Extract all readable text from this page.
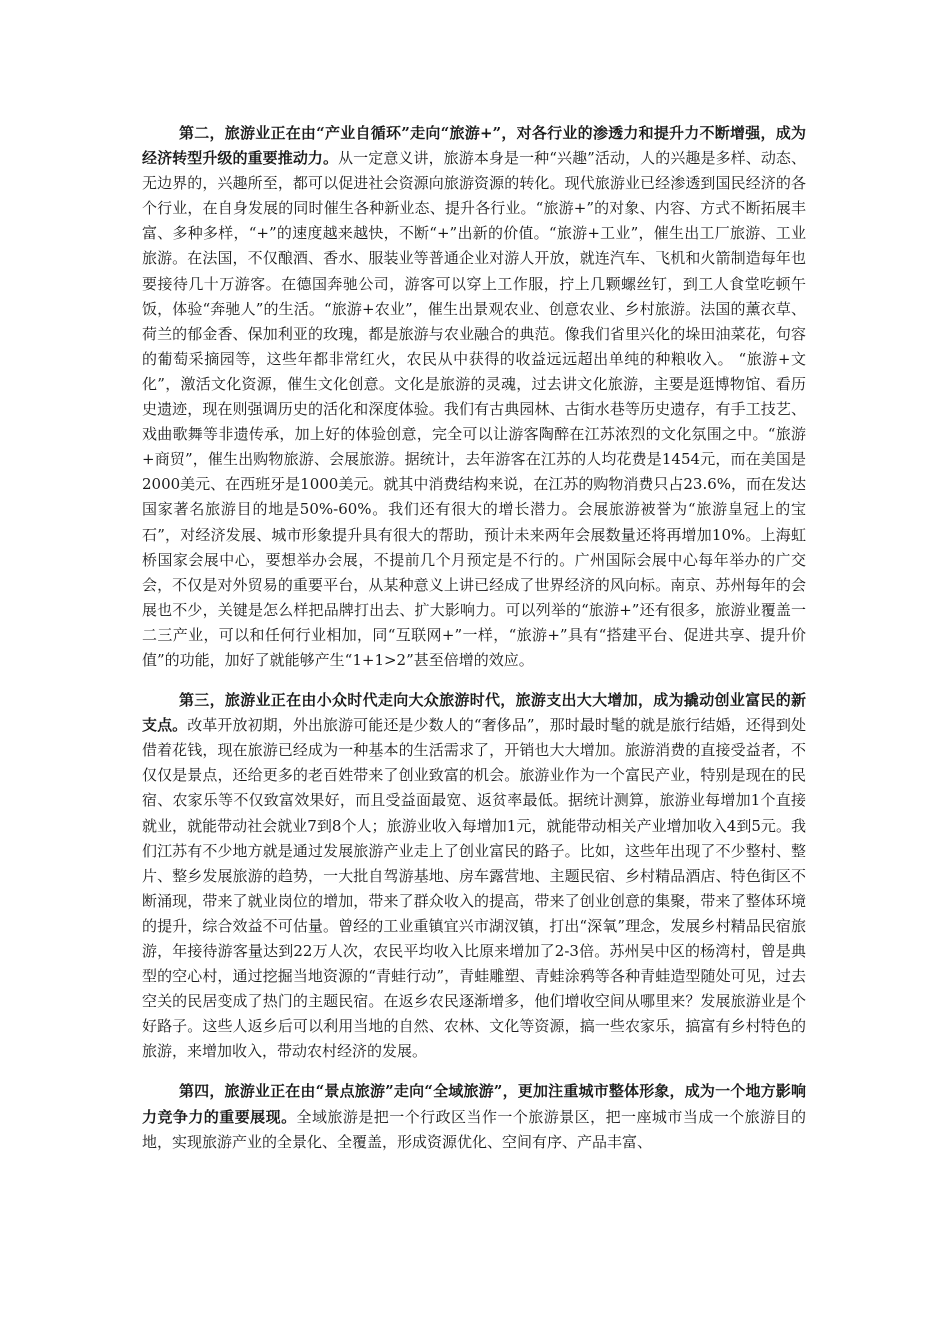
第二，旅游业正在由“产业自循环”走向“旅游+”，对各行业的渗透力和提升力不断增强，成为经济转型升级的重要推动力。从一定意义讲，旅游本身是一种“兴趣”活动，人的兴趣是多样、动态、无边界的，兴趣所至，都可以促进社会资源向旅游资源的转化。现代旅游业已经渗透到国民经济的各个行业，在自身发展的同时催生各种新业态、提升各行业。“旅游+”的对象、内容、方式不断拓展丰富、多种多样，“+”的速度越来越快，不断“+”出新的价值。“旅游+工业”，催生出工厂旅游、工业旅游。在法国，不仅酿酒、香水、服装业等普通企业对游人开放，就连汽车、飞机和火箭制造每年也要接待几十万游客。在德国奔驰公司，游客可以穿上工作服，拧上几颗螺丝钉，到工人食堂吃顿午饭，体验“奔驰人”的生活。“旅游+农业”，催生出景观农业、创意农业、乡村旅游。法国的薰衣草、荷兰的郁金香、保加利亚的玫瑰，都是旅游与农业融合的典范。像我们省里兴化的垛田油菜花，句容的葡萄采摘园等，这些年都非常红火，农民从中获得的收益远远超出单纯的种粮收入。 “旅游+文化”，激活文化资源，催生文化创意。文化是旅游的灵魂，过去讲文化旅游，主要是逛博物馆、看历史遗迹，现在则强调历史的活化和深度体验。我们有古典园林、古街水巷等历史遗存，有手工技艺、戏曲歌舞等非遗传承，加上好的体验创意，完全可以让游客陶醉在江苏浓烈的文化氛围之中。“旅游+商贸”，催生出购物旅游、会展旅游。据统计，去年游客在江苏的人均花费是1454元，而在美国是2000美元、在西班牙是1000美元。就其中消费结构来说，在江苏的购物消费只占23.6%，而在发达国家著名旅游目的地是50%-60%。我们还有很大的增长潜力。会展旅游被誉为“旅游皇冠上的宝石”，对经济发展、城市形象提升具有很大的帮助，预计未来两年会展数量还将再增加10%。上海虹桥国家会展中心，要想举办会展，不提前几个月预定是不行的。广州国际会展中心每年举办的广交会，不仅是对外贸易的重要平台，从某种意义上讲已经成了世界经济的风向标。南京、苏州每年的会展也不少，关键是怎么样把品牌打出去、扩大影响力。可以列举的“旅游+”还有很多，旅游业覆盖一二三产业，可以和任何行业相加，同“互联网+”一样，“旅游+”具有“搭建平台、促进共享、提升价值”的功能，加好了就能够产生“1+1>2”甚至倍增的效应。

第三，旅游业正在由小众时代走向大众旅游时代，旅游支出大大增加，成为撬动创业富民的新支点。改革开放初期，外出旅游可能还是少数人的“奢侈品”，那时最时髦的就是旅行结婚，还得到处借着花钱，现在旅游已经成为一种基本的生活需求了，开销也大大增加。旅游消费的直接受益者，不仅仅是景点，还给更多的老百姓带来了创业致富的机会。旅游业作为一个富民产业，特别是现在的民宿、农家乐等不仅致富效果好，而且受益面最宽、返贫率最低。据统计测算，旅游业每增加1个直接就业，就能带动社会就业7到8个人；旅游业收入每增加1元，就能带动相关产业增加收入4到5元。我们江苏有不少地方就是通过发展旅游产业走上了创业富民的路子。比如，这些年出现了不少整村、整片、整乡发展旅游的趋势，一大批自驾游基地、房车露营地、主题民宿、乡村精品酒店、特色街区不断涌现，带来了就业岗位的增加，带来了群众收入的提高，带来了创业创意的集聚，带来了整体环境的提升，综合效益不可估量。曾经的工业重镇宜兴市湖汊镇，打出“深氧”理念，发展乡村精品民宿旅游，年接待游客量达到22万人次，农民平均收入比原来增加了2-3倍。苏州吴中区的杨湾村，曾是典型的空心村，通过挖掘当地资源的“青蛙行动”，青蛙雕塑、青蛙涂鸦等各种青蛙造型随处可见，过去空关的民居变成了热门的主题民宿。在返乡农民逐渐增多，他们增收空间从哪里来？发展旅游业是个好路子。这些人返乡后可以利用当地的自然、农林、文化等资源，搞一些农家乐，搞富有乡村特色的旅游，来增加收入，带动农村经济的发展。

第四，旅游业正在由“景点旅游”走向“全域旅游”，更加注重城市整体形象，成为一个地方影响力竞争力的重要展现。全域旅游是把一个行政区当作一个旅游景区，把一座城市当成一个旅游目的地，实现旅游产业的全景化、全覆盖，形成资源优化、空间有序、产品丰富、
